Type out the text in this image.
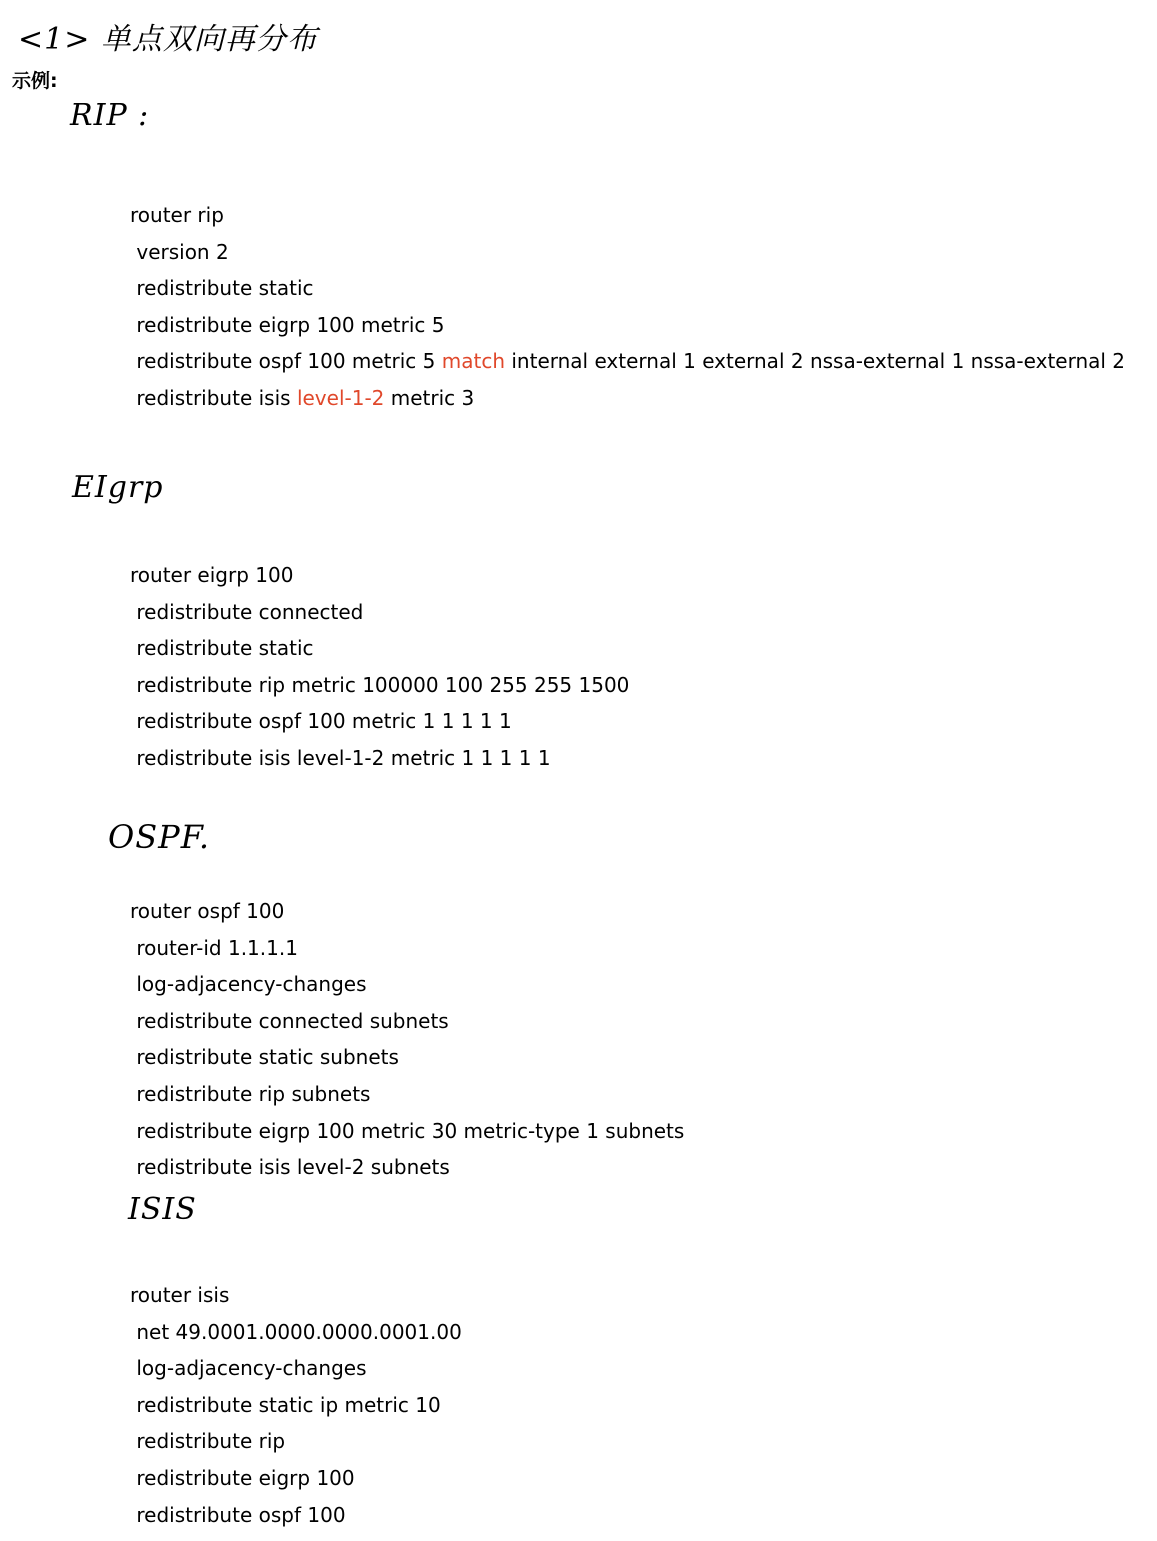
<1> 单点双向再分布
示例:
RIP :
router rip
version 2
redistribute static
redistribute eigrp 100 metric 5
redistribute ospf 100 metric 5 match internal external 1 external 2 nssa-external 1 nssa-external 2
redistribute isis level-1-2 metric 3
EIgrp
router eigrp 100
redistribute connected
redistribute static
redistribute rip metric 100000 100 255 255 1500
redistribute ospf 100 metric 1 1 1 1 1
redistribute isis level-1-2 metric 1 1 1 1 1
OSPF.
router ospf 100
router-id 1.1.1.1
log-adjacency-changes
redistribute connected subnets
redistribute static subnets
redistribute rip subnets
redistribute eigrp 100 metric 30 metric-type 1 subnets
redistribute isis level-2 subnets
ISIS
router isis
net 49.0001.0000.0000.0001.00
log-adjacency-changes
redistribute static ip metric 10
redistribute rip
redistribute eigrp 100
redistribute ospf 100
